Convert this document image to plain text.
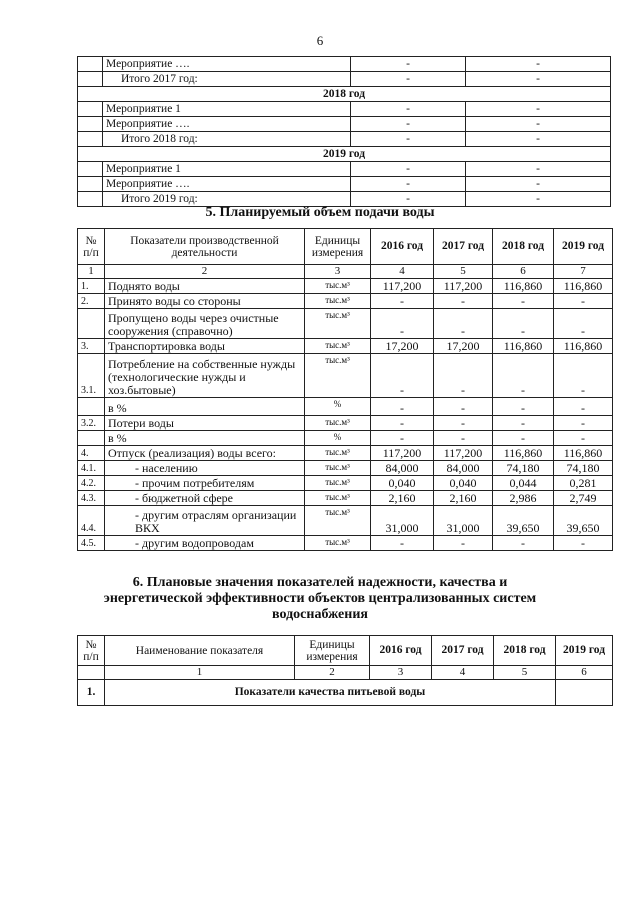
6
	Мероприятие ….	-	-
	Итого 2017 год:	-	-
2018 год			
	Мероприятие 1	-	-
	Мероприятие ….	-	-
	Итого 2018 год:	-	-
2019 год			
	Мероприятие 1	-	-
	Мероприятие ….	-	-
	Итого 2019 год:	-	-
5. Планируемый объем подачи воды
№ п/п	Показатели производственной деятельности	Единицы измерения	2016 год	2017 год	2018 год	2019 год
1	2	3	4	5	6	7
1.	Поднято воды	тыс.м³	117,200	117,200	116,860	116,860
2.	Принято воды со стороны	тыс.м³	-	-	-	-
	Пропущено воды через очистные сооружения (справочно)	тыс.м³	-	-	-	-
3.	Транспортировка воды	тыс.м³	17,200	17,200	116,860	116,860
3.1.	Потребление на собственные нужды (технологические нужды и хоз.бытовые)	тыс.м³	-	-	-	-
	в %	%	-	-	-	-
3.2.	Потери воды	тыс.м³	-	-	-	-
	в %	%	-	-	-	-
4.	Отпуск (реализация) воды всего:	тыс.м³	117,200	117,200	116,860	116,860
4.1.	- населению	тыс.м³	84,000	84,000	74,180	74,180
4.2.	- прочим потребителям	тыс.м³	0,040	0,040	0,044	0,281
4.3.	- бюджетной сфере	тыс.м³	2,160	2,160	2,986	2,749
4.4.	- другим отраслям организации ВКХ	тыс.м³	31,000	31,000	39,650	39,650
4.5.	- другим водопроводам	тыс.м³	-	-	-	-
6. Плановые значения показателей надежности, качества и
энергетической эффективности объектов централизованных систем
водоснабжения
№ п/п	Наименование показателя	Единицы измерения	2016 год	2017 год	2018 год	2019 год
	1	2	3	4	5	6
1.	Показатели качества питьевой воды					
